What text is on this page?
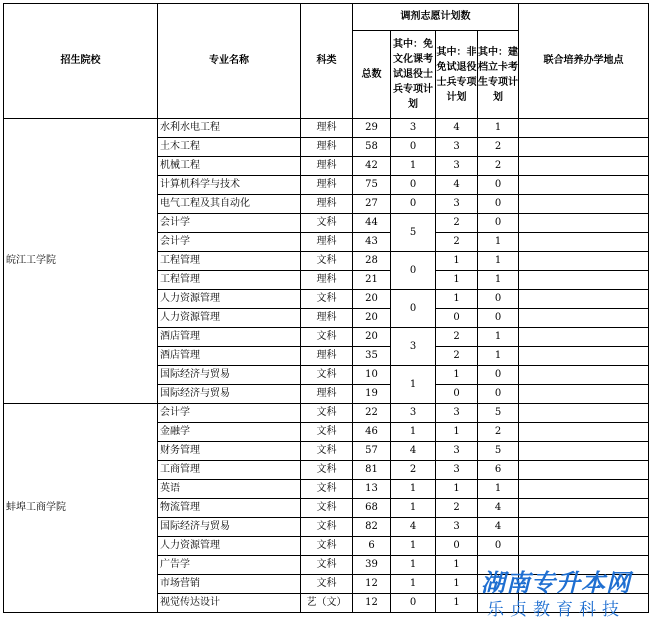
招生院校	专业名称	科类	调剂志愿计划数				联合培养办学地点
			总数	其中：免文化课考试退役士兵专项计划	其中：非免试退役士兵专项计划	其中：建档立卡考生专项计划	
皖江工学院	水利水电工程	理科	29	3	4	1	
	土木工程	理科	58	0	3	2	
	机械工程	理科	42	1	3	2	
	计算机科学与技术	理科	75	0	4	0	
	电气工程及其自动化	理科	27	0	3	0	
	会计学	文科	44	5	2	0	
	会计学	理科	43		2	1	
	工程管理	文科	28	0	1	1	
	工程管理	理科	21		1	1	
	人力资源管理	文科	20	0	1	0	
	人力资源管理	理科	20		0	0	
	酒店管理	文科	20	3	2	1	
	酒店管理	理科	35		2	1	
	国际经济与贸易	文科	10	1	1	0	
	国际经济与贸易	理科	19		0	0	
蚌埠工商学院	会计学	文科	22	3	3	5	
	金融学	文科	46	1	1	2	
	财务管理	文科	57	4	3	5	
	工商管理	文科	81	2	3	6	
	英语	文科	13	1	1	1	
	物流管理	文科	68	1	2	4	
	国际经济与贸易	文科	82	4	3	4	
	人力资源管理	文科	6	1	0	0	
	广告学	文科	39	1	1		
	市场营销	文科	12	1	1		
	视觉传达设计	艺（文）	12	0	1		
湖南专升本网
乐贞教育科技
